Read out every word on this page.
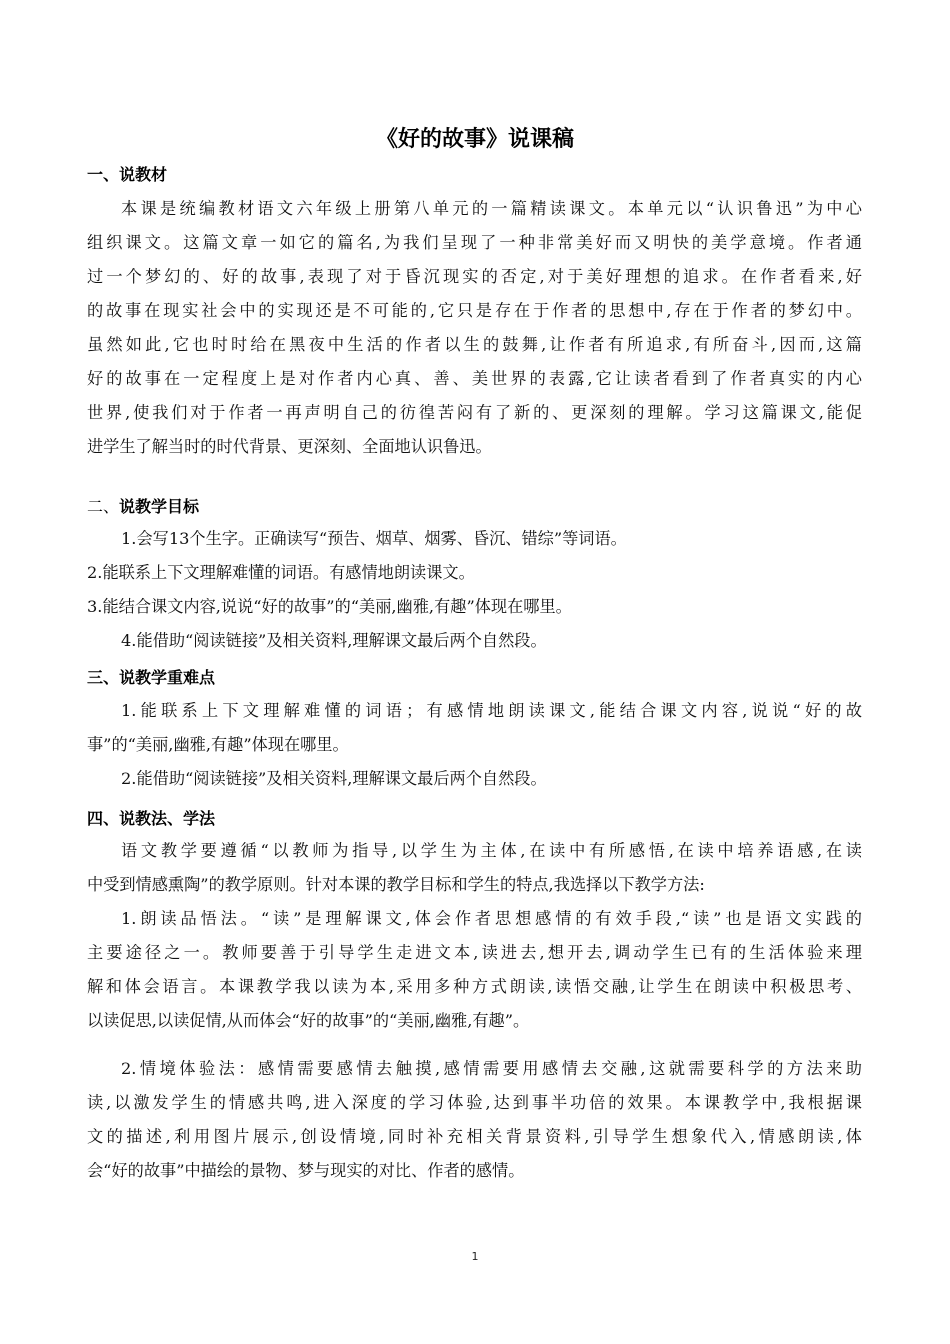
《好的故事》说课稿
一、说教材
本课是统编教材语文六年级上册第八单元的一篇精读课文。本单元以“认识鲁迅”为中心
组织课文。这篇文章一如它的篇名,为我们呈现了一种非常美好而又明快的美学意境。作者通
过一个梦幻的、好的故事,表现了对于昏沉现实的否定,对于美好理想的追求。在作者看来,好
的故事在现实社会中的实现还是不可能的,它只是存在于作者的思想中,存在于作者的梦幻中。
虽然如此,它也时时给在黑夜中生活的作者以生的鼓舞,让作者有所追求,有所奋斗,因而,这篇
好的故事在一定程度上是对作者内心真、善、美世界的表露,它让读者看到了作者真实的内心
世界,使我们对于作者一再声明自己的彷徨苦闷有了新的、更深刻的理解。学习这篇课文,能促
进学生了解当时的时代背景、更深刻、全面地认识鲁迅。
二、说教学目标
1.会写13个生字。正确读写“预告、烟草、烟雾、昏沉、错综”等词语。
2.能联系上下文理解难懂的词语。有感情地朗读课文。
3.能结合课文内容,说说“好的故事”的“美丽,幽雅,有趣”体现在哪里。
4.能借助“阅读链接”及相关资料,理解课文最后两个自然段。
三、说教学重难点
1.能联系上下文理解难懂的词语；有感情地朗读课文,能结合课文内容,说说“好的故
事”的“美丽,幽雅,有趣”体现在哪里。
2.能借助“阅读链接”及相关资料,理解课文最后两个自然段。
四、说教法、学法
语文教学要遵循“以教师为指导,以学生为主体,在读中有所感悟,在读中培养语感,在读
中受到情感熏陶”的教学原则。针对本课的教学目标和学生的特点,我选择以下教学方法:
1.朗读品悟法。“读”是理解课文,体会作者思想感情的有效手段,“读”也是语文实践的
主要途径之一。教师要善于引导学生走进文本,读进去,想开去,调动学生已有的生活体验来理
解和体会语言。本课教学我以读为本,采用多种方式朗读,读悟交融,让学生在朗读中积极思考、
以读促思,以读促情,从而体会“好的故事”的“美丽,幽雅,有趣”。
2.情境体验法：感情需要感情去触摸,感情需要用感情去交融,这就需要科学的方法来助
读,以激发学生的情感共鸣,进入深度的学习体验,达到事半功倍的效果。本课教学中,我根据课
文的描述,利用图片展示,创设情境,同时补充相关背景资料,引导学生想象代入,情感朗读,体
会“好的故事”中描绘的景物、梦与现实的对比、作者的感情。
1
